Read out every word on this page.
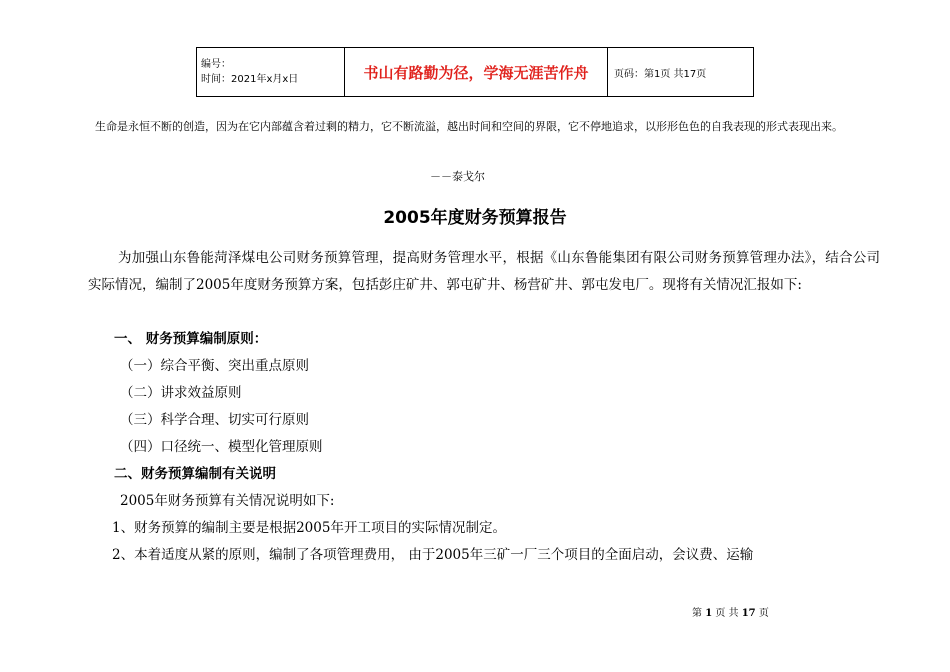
编号：
时间：2021年x月x日	书山有路勤为径，学海无涯苦作舟	页码：第1页 共17页
生命是永恒不断的创造，因为在它内部蕴含着过剩的精力，它不断流溢，越出时间和空间的界限，它不停地追求，以形形色色的自我表现的形式表现出来。
－－泰戈尔
2005年度财务预算报告
为加强山东鲁能菏泽煤电公司财务预算管理，提高财务管理水平，根据《山东鲁能集团有限公司财务预算管理办法》，结合公司实际情况，编制了2005年度财务预算方案，包括彭庄矿井、郭屯矿井、杨营矿井、郭屯发电厂。现将有关情况汇报如下:
一、 财务预算编制原则：
（一）综合平衡、突出重点原则
（二）讲求效益原则
（三）科学合理、切实可行原则
（四）口径统一、模型化管理原则
二、财务预算编制有关说明
2005年财务预算有关情况说明如下:
1、财务预算的编制主要是根据2005年开工项目的实际情况制定。
2、本着适度从紧的原则，编制了各项管理费用， 由于2005年三矿一厂三个项目的全面启动，会议费、运输
第 1 页 共 17 页
